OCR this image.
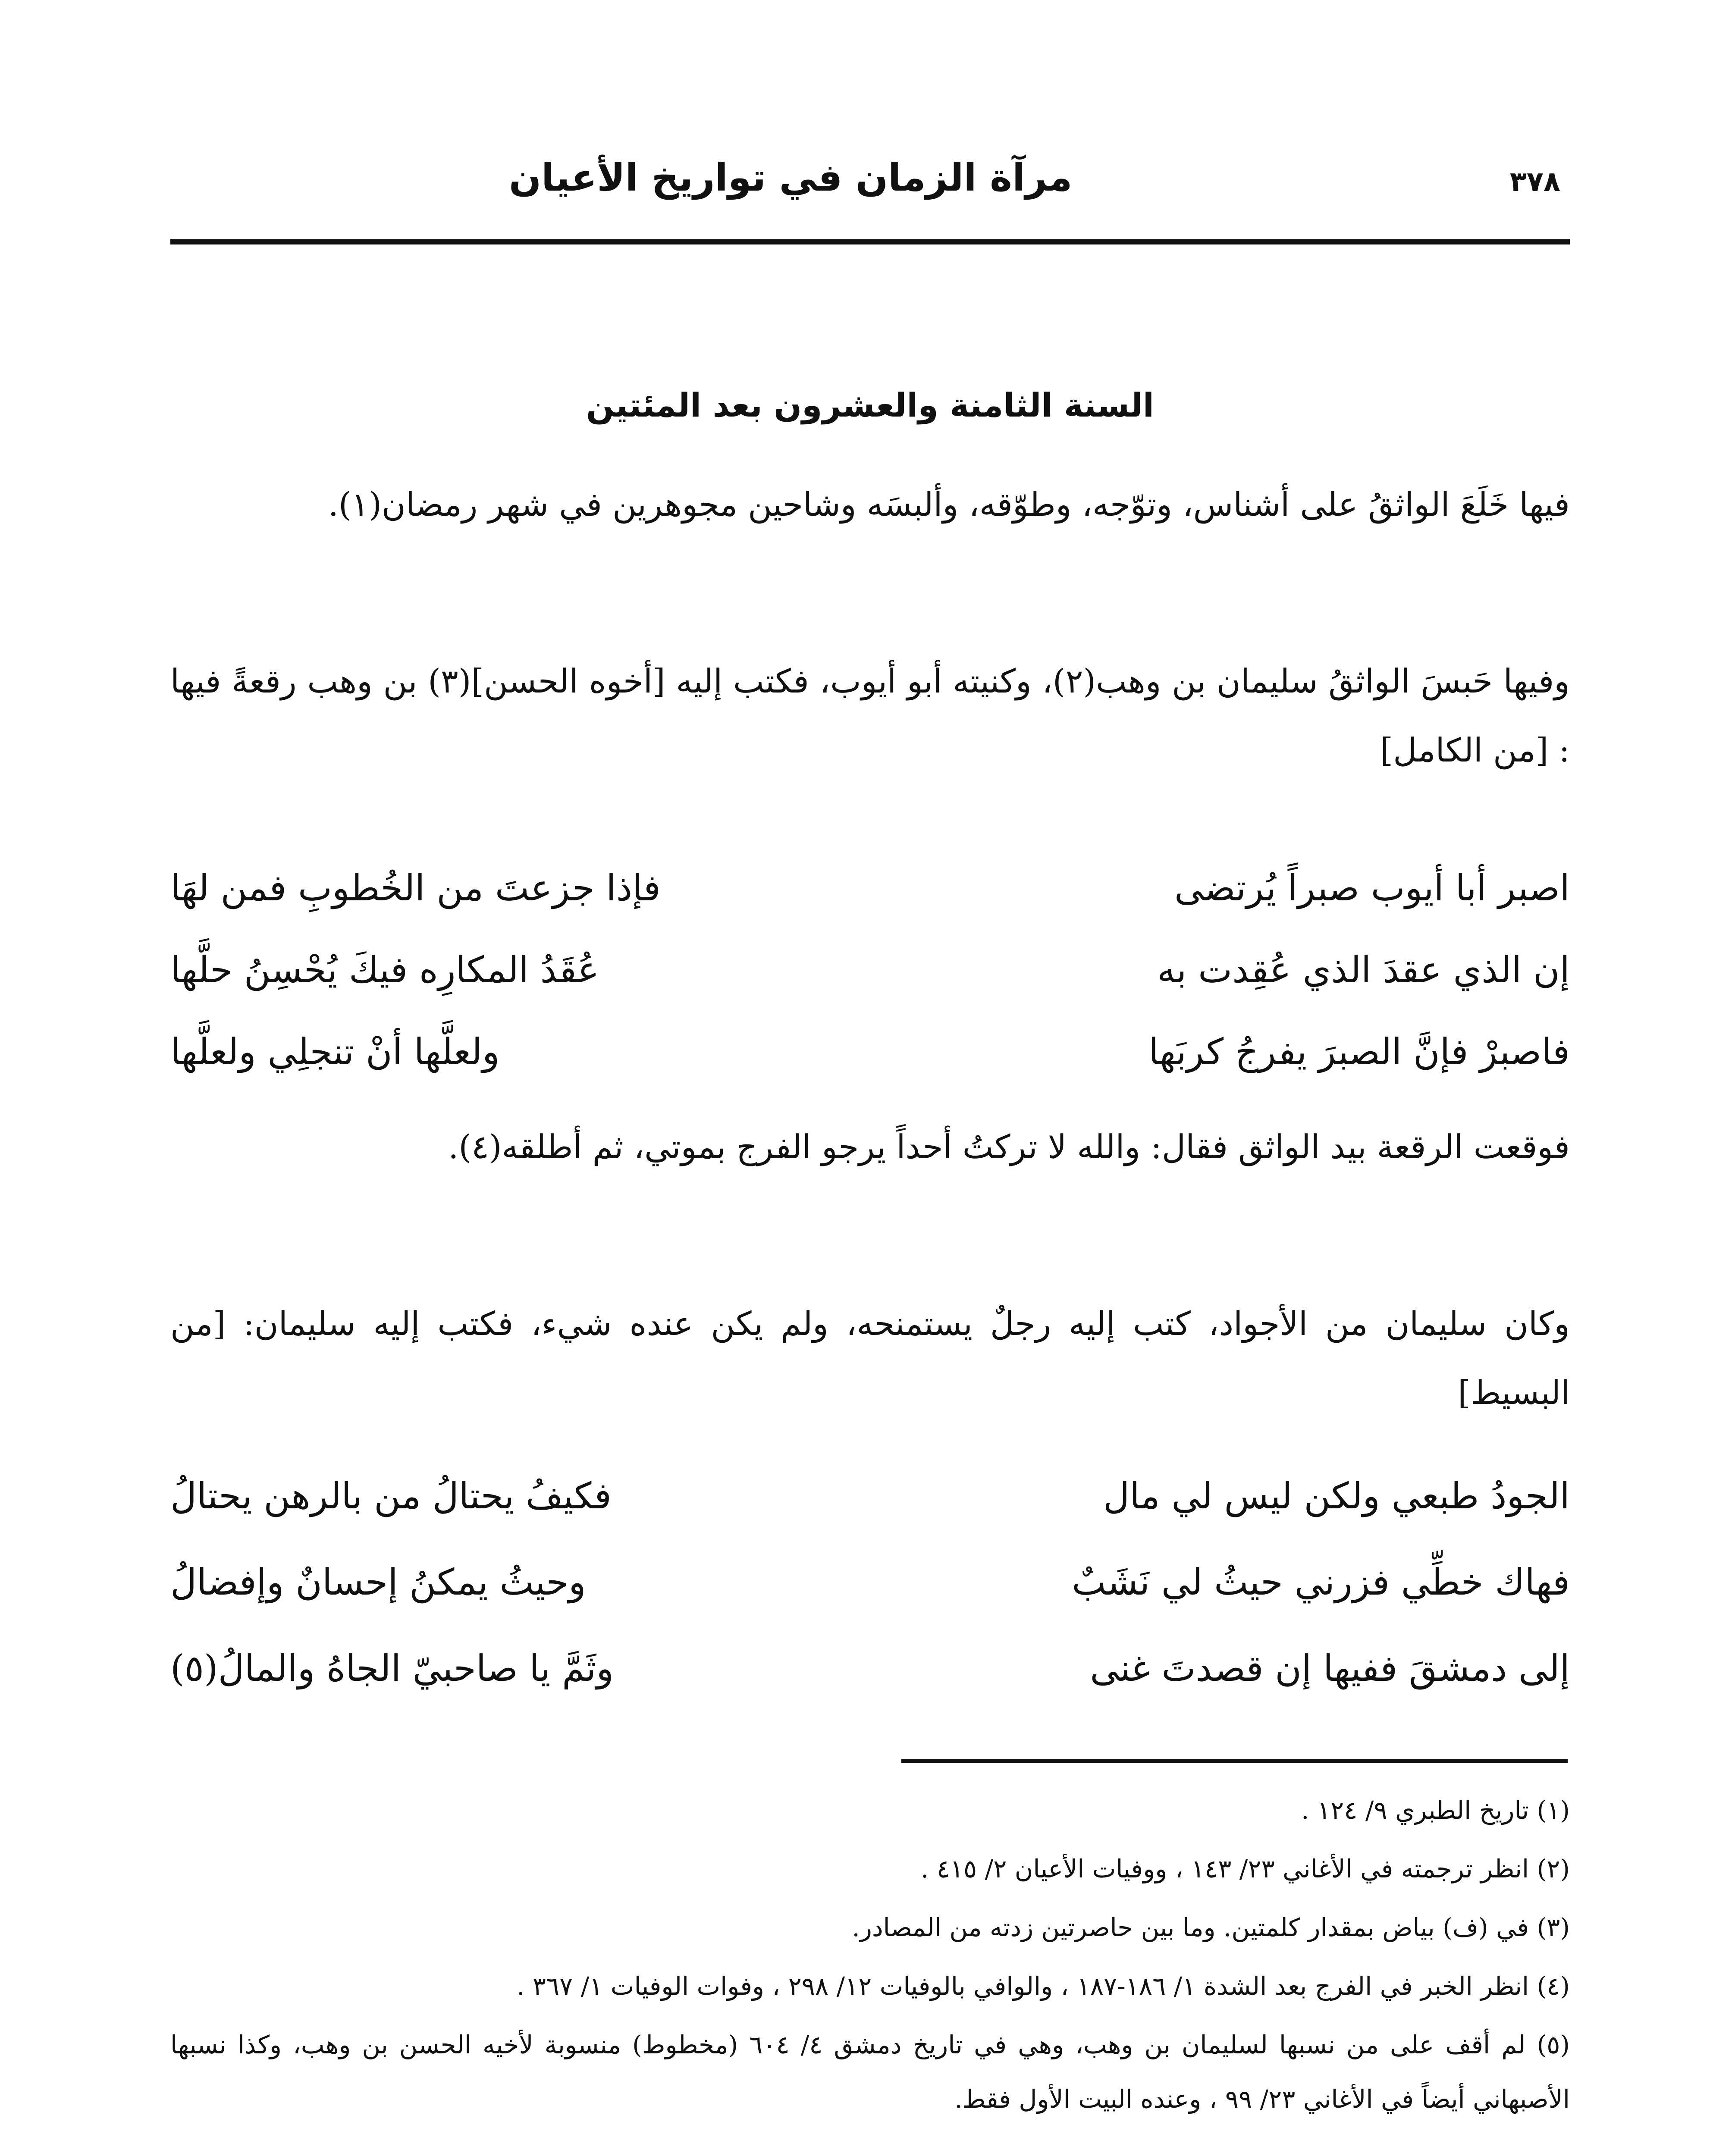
٣٧٨
مرآة الزمان في تواريخ الأعيان
السنة الثامنة والعشرون بعد المئتين

فيها خَلَعَ الواثقُ على أشناس، وتوّجه، وطوّقه، وألبسَه وشاحين مجوهرين في شهر رمضان(١).

وفيها حَبسَ الواثقُ سليمان بن وهب(٢)، وكنيته أبو أيوب، فكتب إليه [أخوه الحسن](٣) بن وهب رقعةً فيها : [من الكامل]

اصبر أبا أيوب صبراً يُرتضى
فإذا جزعتَ من الخُطوبِ فمن لهَا
إن الذي عقدَ الذي عُقِدت به
عُقَدُ المكارِه فيكَ يُحْسِنُ حلَّها
فاصبرْ فإنَّ الصبرَ يفرجُ كربَها
ولعلَّها أنْ تنجلِي ولعلَّها

فوقعت الرقعة بيد الواثق فقال: والله لا تركتُ أحداً يرجو الفرج بموتي، ثم أطلقه(٤).

وكان سليمان من الأجواد، كتب إليه رجلٌ يستمنحه، ولم يكن عنده شيء، فكتب إليه سليمان: [من البسيط]

الجودُ طبعي ولكن ليس لي مال
فكيفُ يحتالُ من بالرهن يحتالُ
فهاك خطِّي فزرني حيثُ لي نَشَبٌ
وحيثُ يمكنُ إحسانٌ وإفضالُ
إلى دمشقَ ففيها إن قصدتَ غنى
وثَمَّ يا صاحبيّ الجاهُ والمالُ(٥)
(١) تاريخ الطبري ٩/ ١٢٤ .
(٢) انظر ترجمته في الأغاني ٢٣/ ١٤٣ ، ووفيات الأعيان ٢/ ٤١٥ .
(٣) في (ف) بياض بمقدار كلمتين. وما بين حاصرتين زدته من المصادر.
(٤) انظر الخبر في الفرج بعد الشدة ١/ ١٨٦-١٨٧ ، والوافي بالوفيات ١٢/ ٢٩٨ ، وفوات الوفيات ١/ ٣٦٧ .
(٥) لم أقف على من نسبها لسليمان بن وهب، وهي في تاريخ دمشق ٤/ ٦٠٤ (مخطوط) منسوبة لأخيه الحسن بن وهب، وكذا نسبها الأصبهاني أيضاً في الأغاني ٢٣/ ٩٩ ، وعنده البيت الأول فقط.
